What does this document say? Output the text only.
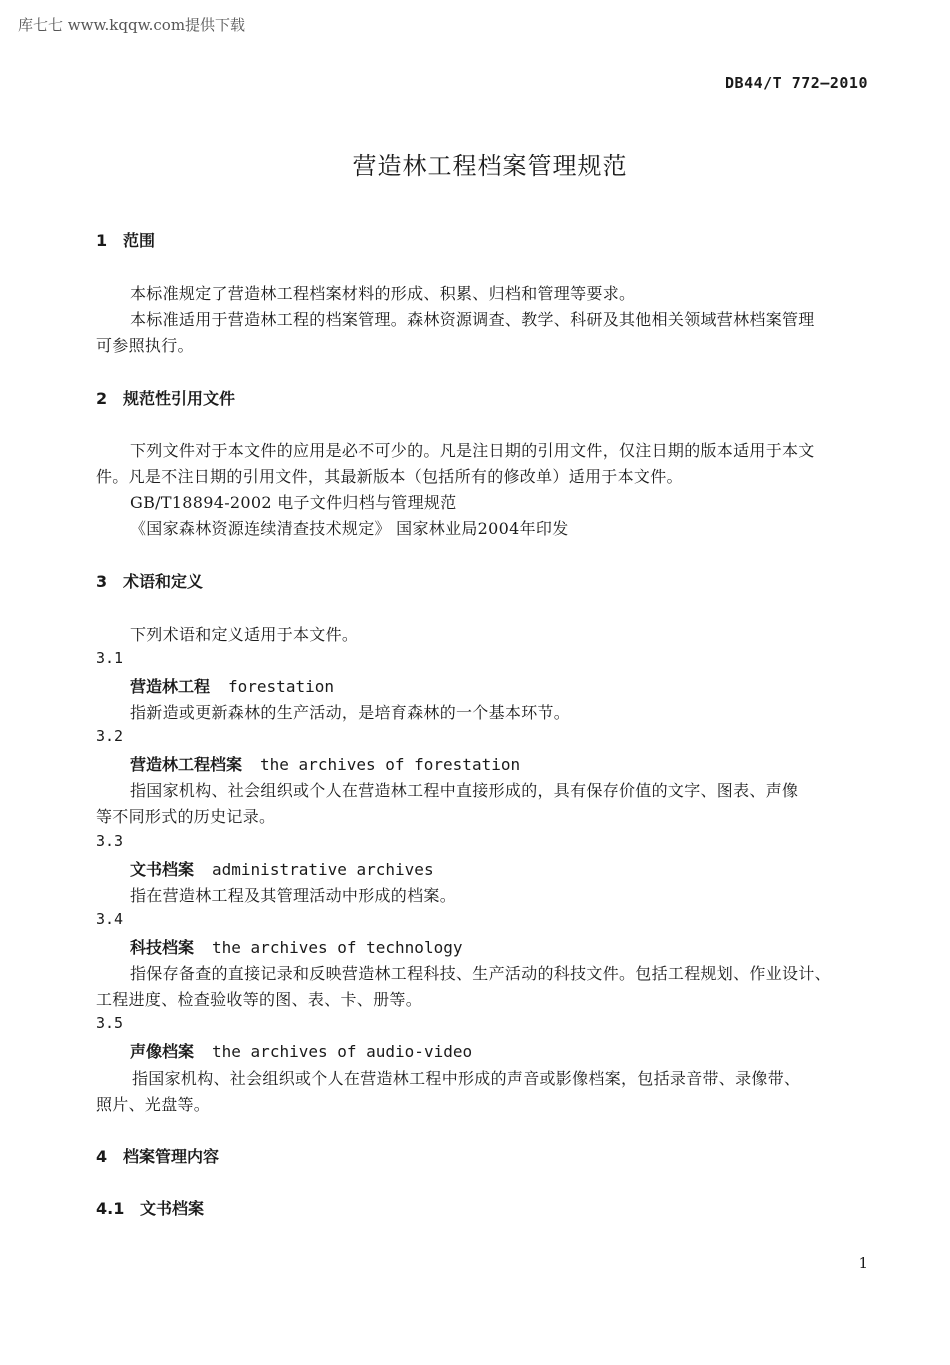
库七七 www.kqqw.com提供下载
DB44/T 772—2010
营造林工程档案管理规范
1 范围
本标准规定了营造林工程档案材料的形成、积累、归档和管理等要求。
本标准适用于营造林工程的档案管理。森林资源调查、教学、科研及其他相关领域营林档案管理
可参照执行。
2 规范性引用文件
下列文件对于本文件的应用是必不可少的。凡是注日期的引用文件，仅注日期的版本适用于本文
件。凡是不注日期的引用文件，其最新版本（包括所有的修改单）适用于本文件。
GB/T18894-2002 电子文件归档与管理规范
《国家森林资源连续清查技术规定》 国家林业局2004年印发
3 术语和定义
下列术语和定义适用于本文件。
3.1
营造林工程 forestation
指新造或更新森林的生产活动，是培育森林的一个基本环节。
3.2
营造林工程档案 the archives of forestation
指国家机构、社会组织或个人在营造林工程中直接形成的，具有保存价值的文字、图表、声像
等不同形式的历史记录。
3.3
文书档案 administrative archives
指在营造林工程及其管理活动中形成的档案。
3.4
科技档案 the archives of technology
指保存备查的直接记录和反映营造林工程科技、生产活动的科技文件。包括工程规划、作业设计、
工程进度、检查验收等的图、表、卡、册等。
3.5
声像档案 the archives of audio-video
指国家机构、社会组织或个人在营造林工程中形成的声音或影像档案，包括录音带、录像带、
照片、光盘等。
4 档案管理内容
4.1 文书档案
1
